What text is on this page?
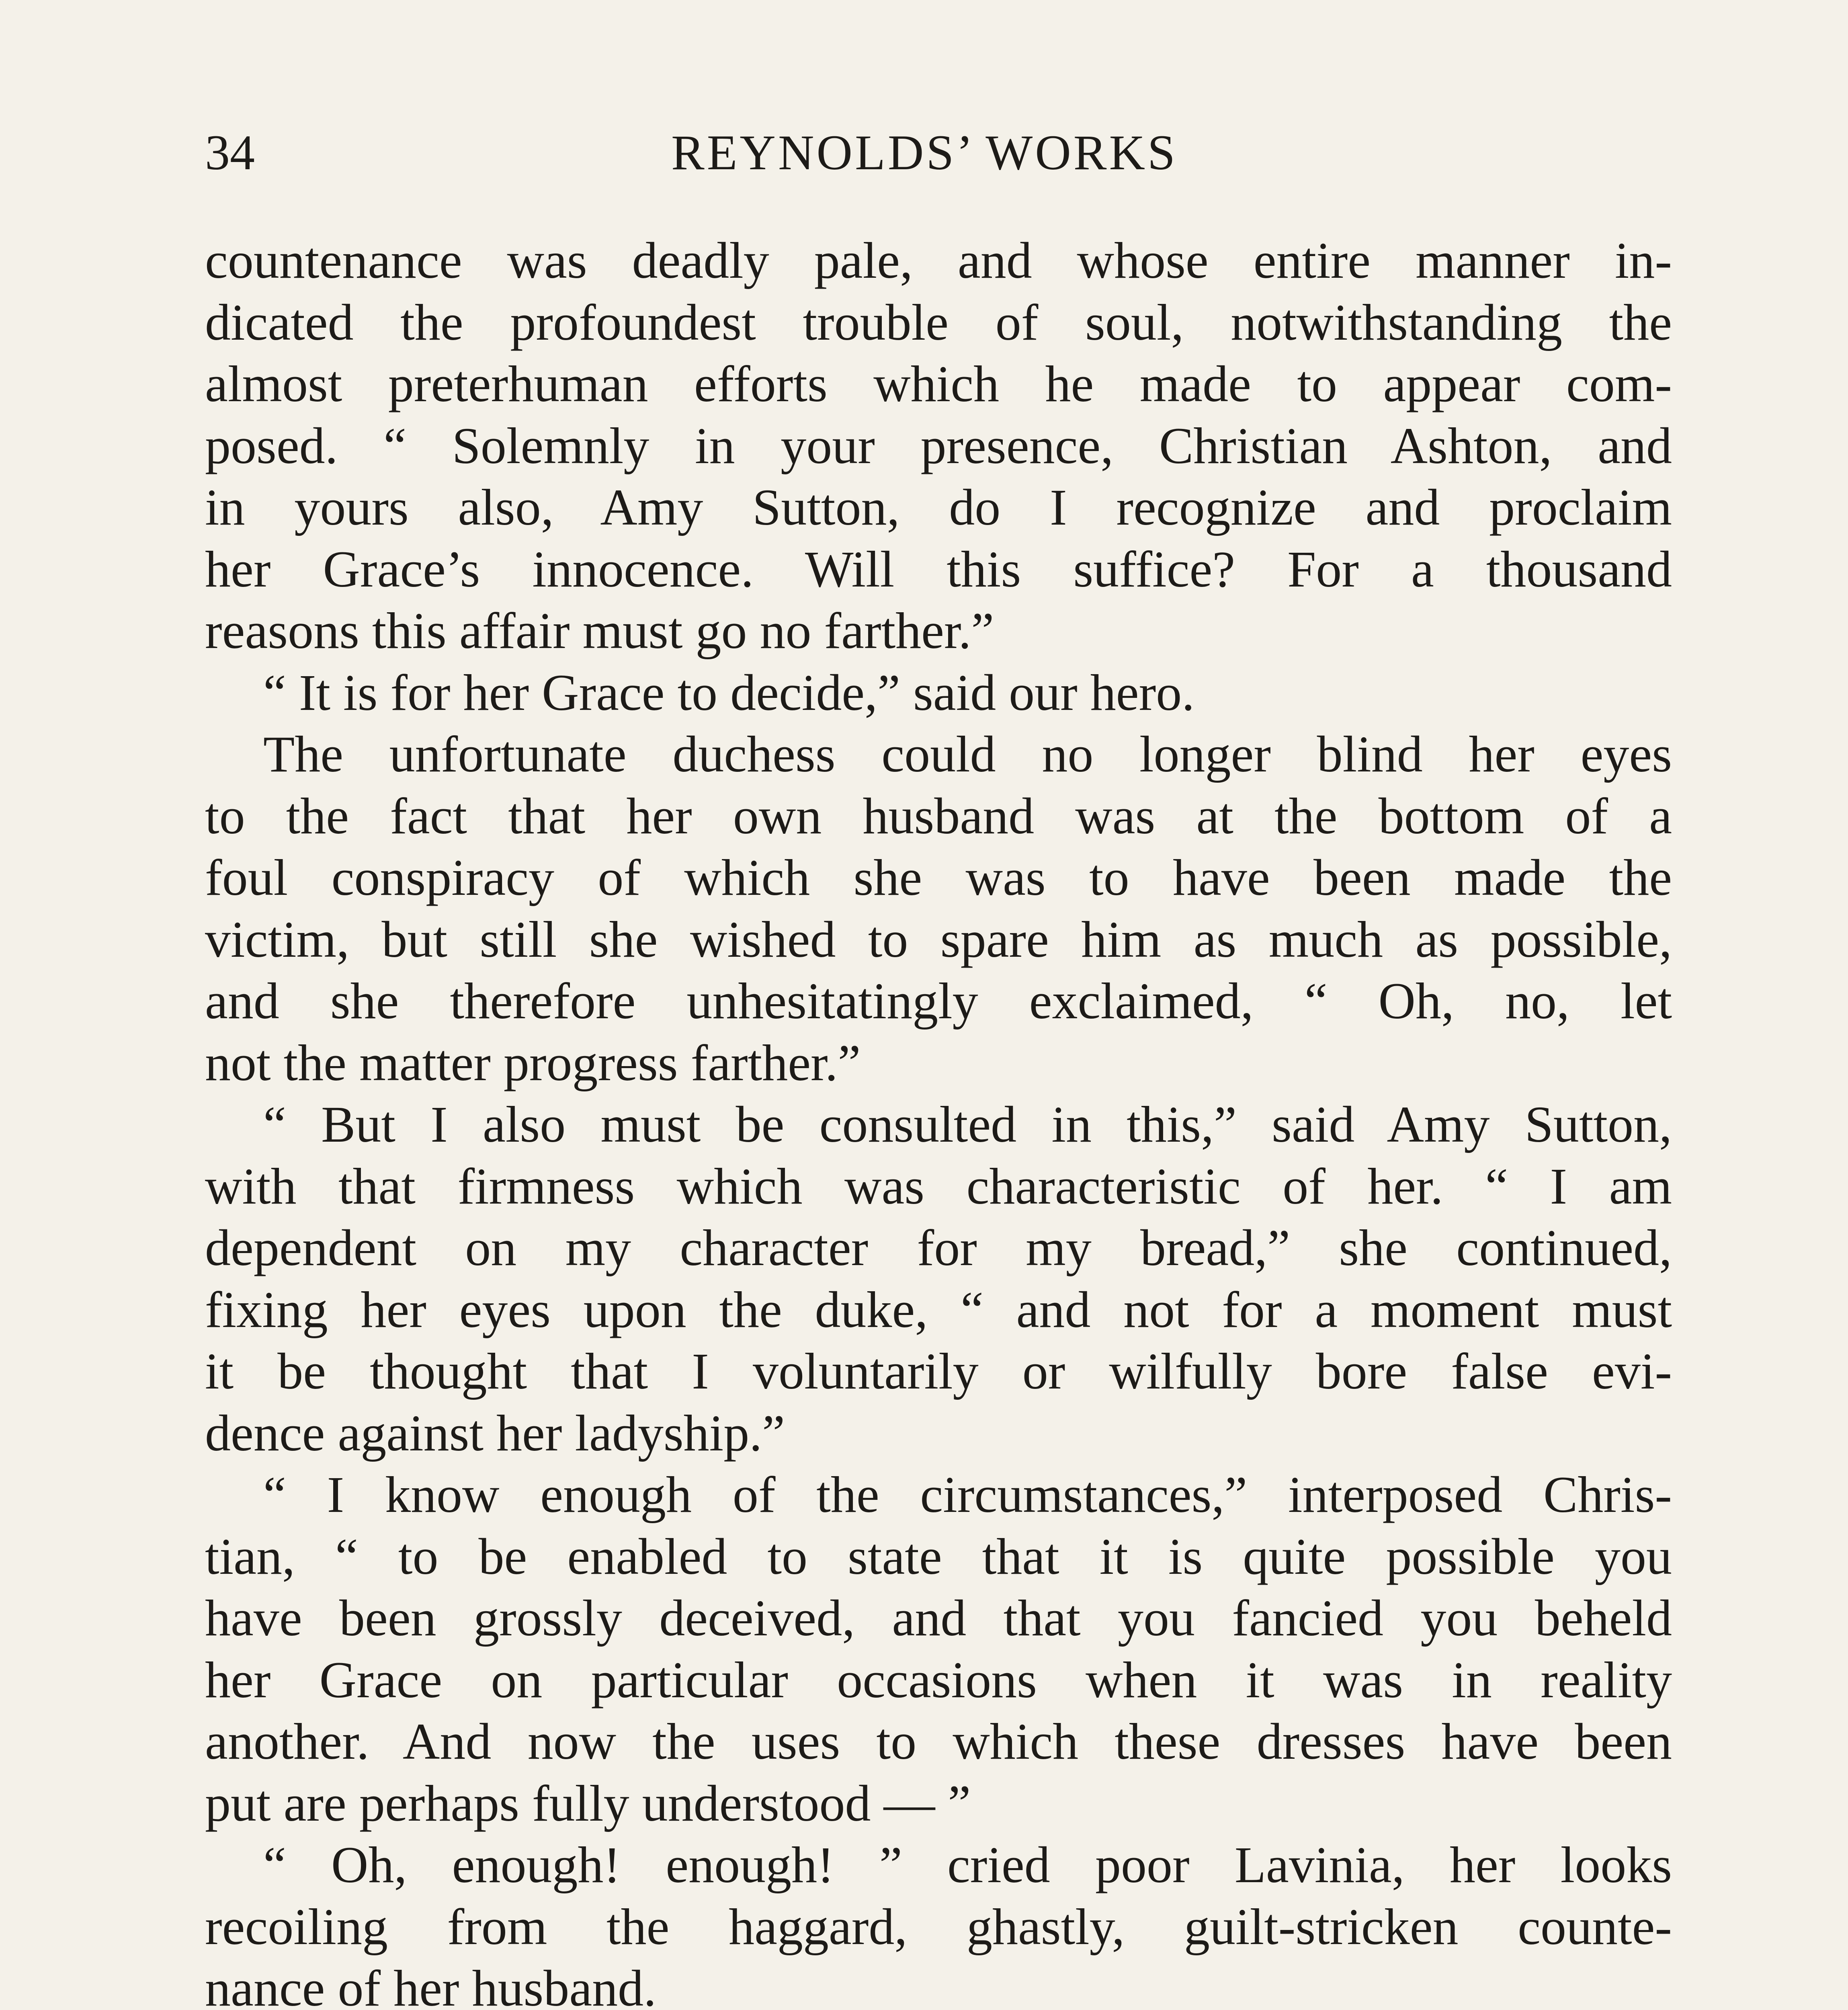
34	REYNOLDS’ WORKS
countenance was deadly pale, and whose entire manner in-
dicated the profoundest trouble of soul, notwithstanding the
almost preterhuman efforts which he made to appear com-
posed. “ Solemnly in your presence, Christian Ashton, and
in yours also, Amy Sutton, do I recognize and proclaim
her Grace’s innocence. Will this suffice? For a thousand
reasons this affair must go no farther.”
“ It is for her Grace to decide,” said our hero.
The unfortunate duchess could no longer blind her eyes
to the fact that her own husband was at the bottom of a
foul conspiracy of which she was to have been made the
victim, but still she wished to spare him as much as possible,
and she therefore unhesitatingly exclaimed, “ Oh, no, let
not the matter progress farther.”
“ But I also must be consulted in this,” said Amy Sutton,
with that firmness which was characteristic of her. “ I am
dependent on my character for my bread,” she continued,
fixing her eyes upon the duke, “ and not for a moment must
it be thought that I voluntarily or wilfully bore false evi-
dence against her ladyship.”
“ I know enough of the circumstances,” interposed Chris-
tian, “ to be enabled to state that it is quite possible you
have been grossly deceived, and that you fancied you beheld
her Grace on particular occasions when it was in reality
another. And now the uses to which these dresses have been
put are perhaps fully understood — ”
“ Oh, enough! enough! ” cried poor Lavinia, her looks
recoiling from the haggard, ghastly, guilt-stricken counte-
nance of her husband.
